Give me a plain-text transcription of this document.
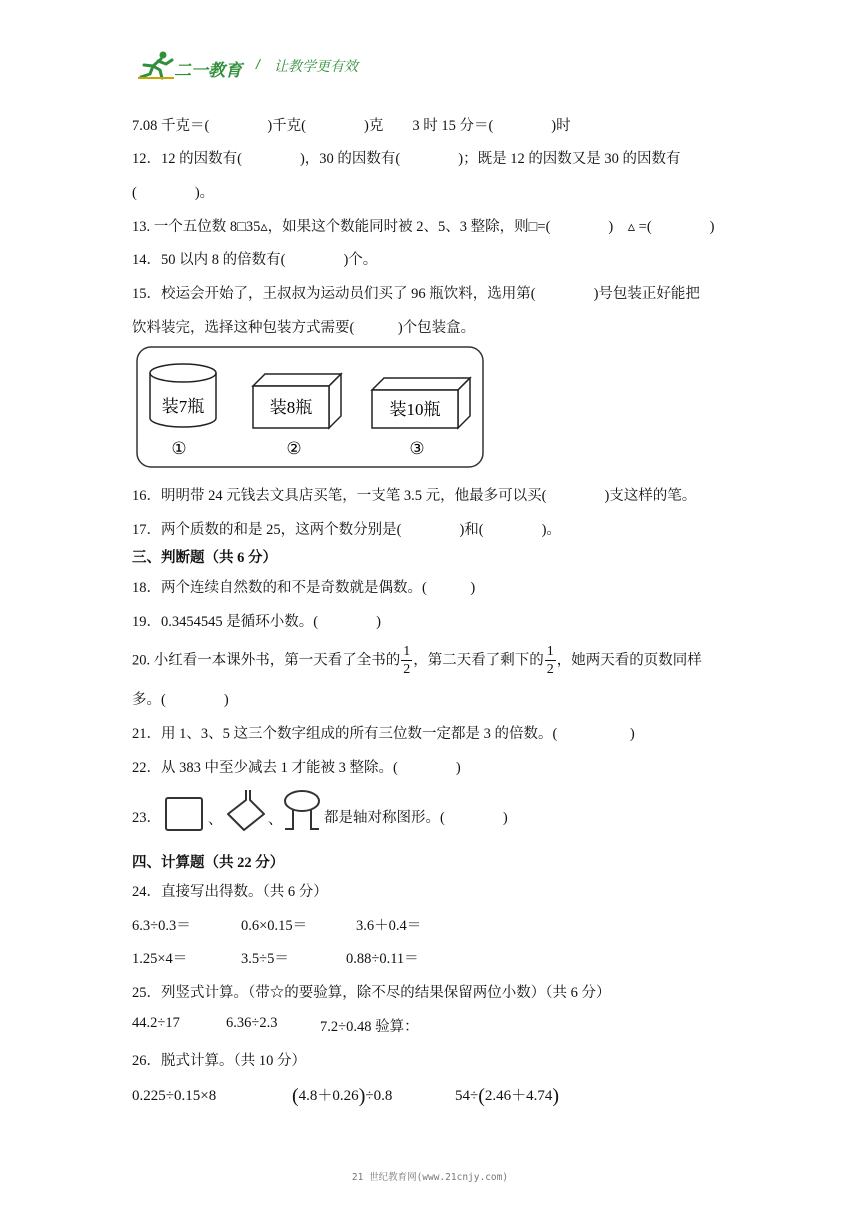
二一教育 / 让教学更有效
7.08 千克＝(　　　　)千克(　　　　)克　　3 时 15 分＝(　　　　)时
12．12 的因数有(　　　　)，30 的因数有(　　　　)；既是 12 的因数又是 30 的因数有
(　　　　)。
13. 一个五位数 8□35▵，如果这个数能同时被 2、5、3 整除，则□=(　　　　)　▵ =(　　　　)
14．50 以内 8 的倍数有(　　　　)个。
15．校运会开始了，王叔叔为运动员们买了 96 瓶饮料，选用第(　　　　)号包装正好能把
饮料装完，选择这种包装方式需要(　　　)个包装盒。
装7瓶	装8瓶	装10瓶
①	②	③
16．明明带 24 元钱去文具店买笔，一支笔 3.5 元，他最多可以买(　　　　)支这样的笔。
17．两个质数的和是 25，这两个数分别是(　　　　)和(　　　　)。
三、判断题（共 6 分）
18．两个连续自然数的和不是奇数就是偶数。(　　　)
19．0.3454545 是循环小数。(　　　　)
20. 小红看一本课外书，第一天看了全书的 $\frac{1}{2}$ ，第二天看了剩下的 $\frac{1}{2}$ ，她两天看的页数同样
多。(　　　　)
21．用 1、3、5 这三个数字组成的所有三位数一定都是 3 的倍数。(　　　　　)
22．从 383 中至少减去 1 才能被 3 整除。(　　　　)
23．	、	、	都是轴对称图形。(　　　　)
四、计算题（共 22 分）
24．直接写出得数。（共 6 分）
6.3÷0.3＝	0.6×0.15＝	3.6＋0.4＝
1.25×4＝	3.5÷5＝	0.88÷0.11＝
25．列竖式计算。（带☆的要验算，除不尽的结果保留两位小数）（共 6 分）
44.2÷17	6.36÷2.3	7.2÷0.48 验算：
26．脱式计算。（共 10 分）
0.225÷0.15×8	(4.8＋0.26)÷0.8	54÷(2.46＋4.74)
21 世纪教育网(www.21cnjy.com)
